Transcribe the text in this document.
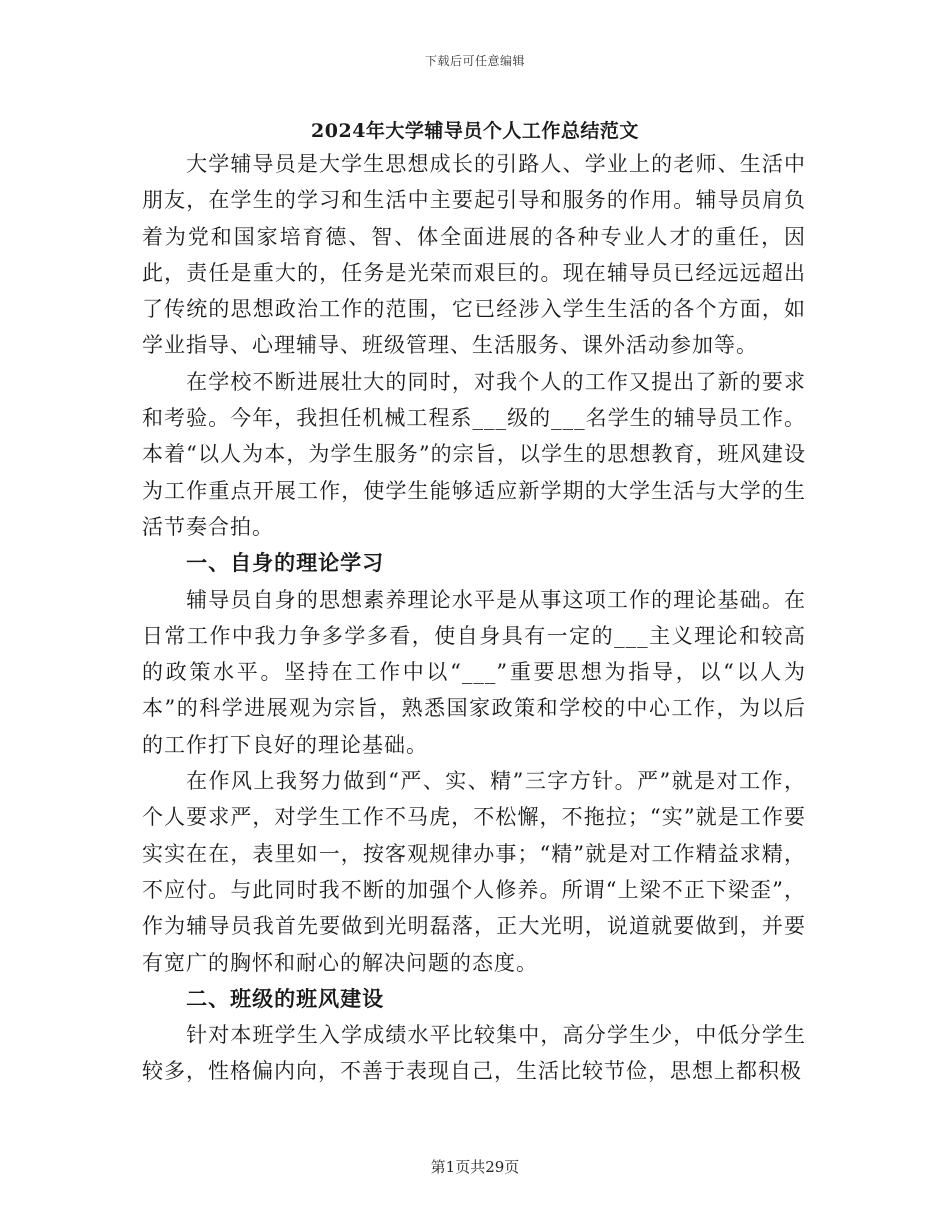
下载后可任意编辑
2024年大学辅导员个人工作总结范文

大学辅导员是大学生思想成长的引路人、学业上的老师、生活中朋友，在学生的学习和生活中主要起引导和服务的作用。辅导员肩负着为党和国家培育德、智、体全面进展的各种专业人才的重任，因此，责任是重大的，任务是光荣而艰巨的。现在辅导员已经远远超出了传统的思想政治工作的范围，它已经涉入学生生活的各个方面，如学业指导、心理辅导、班级管理、生活服务、课外活动参加等。

在学校不断进展壮大的同时，对我个人的工作又提出了新的要求和考验。今年，我担任机械工程系___级的___名学生的辅导员工作。本着“以人为本，为学生服务”的宗旨，以学生的思想教育，班风建设为工作重点开展工作，使学生能够适应新学期的大学生活与大学的生活节奏合拍。

一、自身的理论学习

辅导员自身的思想素养理论水平是从事这项工作的理论基础。在日常工作中我力争多学多看，使自身具有一定的___主义理论和较高的政策水平。坚持在工作中以“___”重要思想为指导，以“以人为本”的科学进展观为宗旨，熟悉国家政策和学校的中心工作，为以后的工作打下良好的理论基础。

在作风上我努力做到“严、实、精”三字方针。严”就是对工作，个人要求严，对学生工作不马虎，不松懈，不拖拉；“实”就是工作要实实在在，表里如一，按客观规律办事；“精”就是对工作精益求精，不应付。与此同时我不断的加强个人修养。所谓“上梁不正下梁歪”，作为辅导员我首先要做到光明磊落，正大光明，说道就要做到，并要有宽广的胸怀和耐心的解决问题的态度。

二、班级的班风建设

针对本班学生入学成绩水平比较集中，高分学生少，中低分学生较多，性格偏内向，不善于表现自己，生活比较节俭，思想上都积极

第1页共29页
